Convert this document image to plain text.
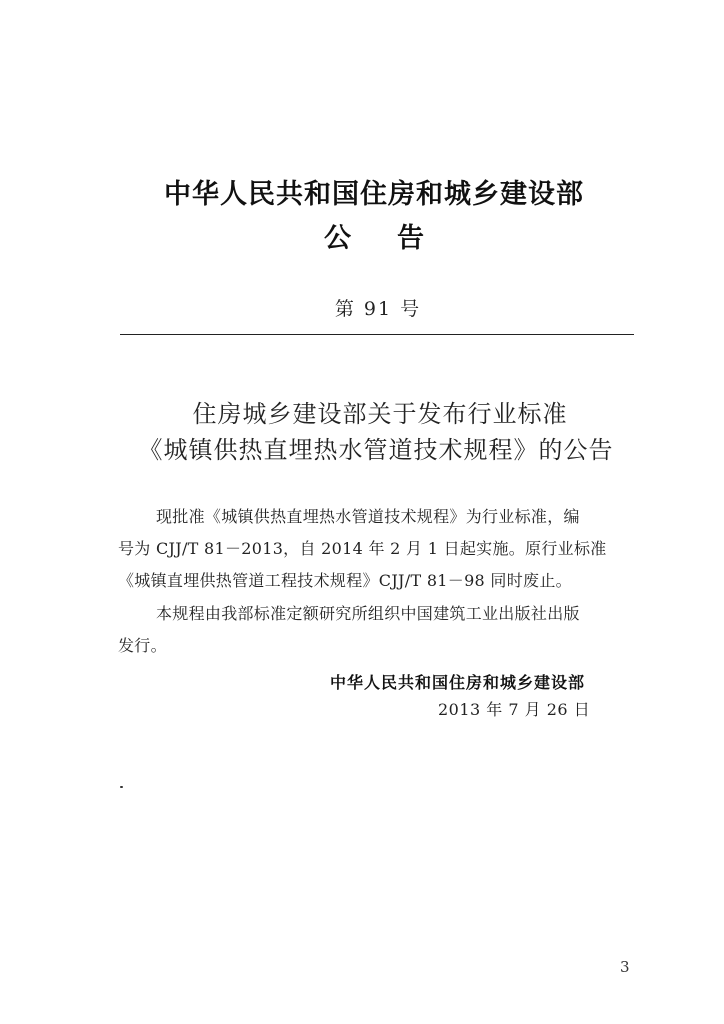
中华人民共和国住房和城乡建设部
公告
第 91 号
住房城乡建设部关于发布行业标准
《城镇供热直埋热水管道技术规程》的公告
现批准《城镇供热直埋热水管道技术规程》为行业标准，编
号为 CJJ/T 81－2013，自 2014 年 2 月 1 日起实施。原行业标准
《城镇直埋供热管道工程技术规程》CJJ/T 81－98 同时废止。
本规程由我部标准定额研究所组织中国建筑工业出版社出版
发行。
中华人民共和国住房和城乡建设部
2013 年 7 月 26 日
3
